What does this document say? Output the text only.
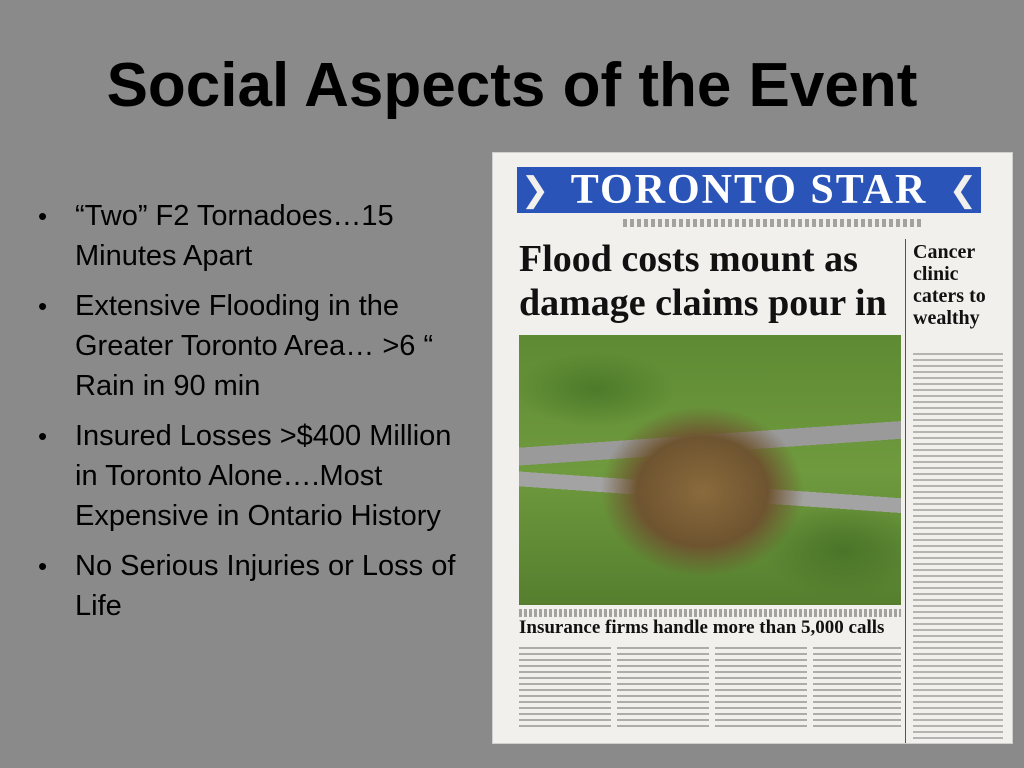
Social Aspects of the Event
• “Two” F2 Tornadoes…15 Minutes Apart
• Extensive Flooding in the Greater Toronto Area… >6 “ Rain in 90 min
• Insured Losses >$400 Million in Toronto Alone….Most Expensive in Ontario History
• No Serious Injuries or Loss of Life
❯	❮
TORONTO STAR
Flood costs mount as damage claims pour in
Cancer clinic caters to wealthy
Insurance firms handle more than 5,000 calls
